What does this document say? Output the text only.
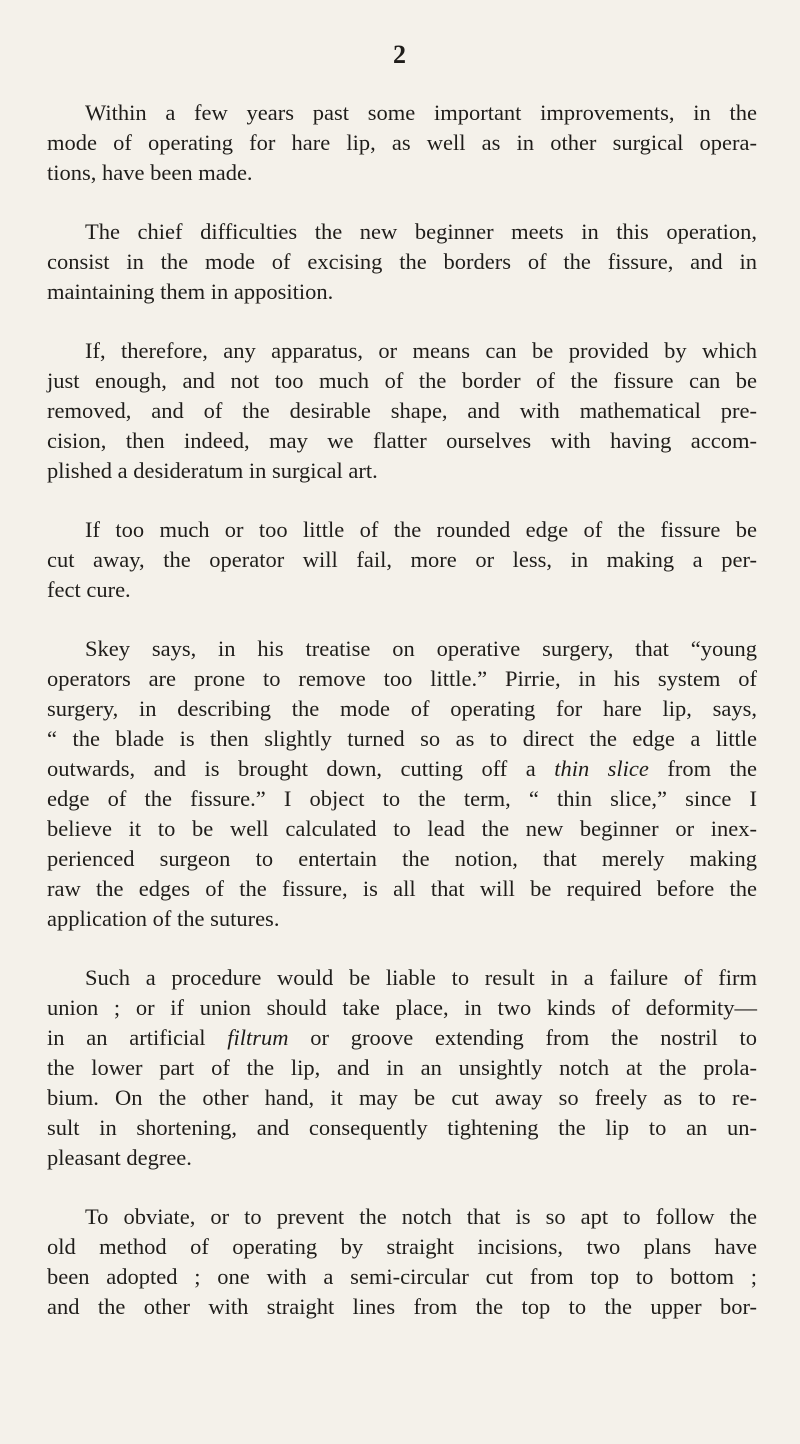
2

Within a few years past some important improvements, in the
mode of operating for hare lip, as well as in other surgical opera-
tions, have been made.

The chief difficulties the new beginner meets in this operation,
consist in the mode of excising the borders of the fissure, and in
maintaining them in apposition.

If, therefore, any apparatus, or means can be provided by which
just enough, and not too much of the border of the fissure can be
removed, and of the desirable shape, and with mathematical pre-
cision, then indeed, may we flatter ourselves with having accom-
plished a desideratum in surgical art.

If too much or too little of the rounded edge of the fissure be
cut away, the operator will fail, more or less, in making a per-
fect cure.

Skey says, in his treatise on operative surgery, that “young
operators are prone to remove too little.” Pirrie, in his system of
surgery, in describing the mode of operating for hare lip, says,
“ the blade is then slightly turned so as to direct the edge a little
outwards, and is brought down, cutting off a thin slice from the
edge of the fissure.” I object to the term, “ thin slice,” since I
believe it to be well calculated to lead the new beginner or inex-
perienced surgeon to entertain the notion, that merely making
raw the edges of the fissure, is all that will be required before the
application of the sutures.

Such a procedure would be liable to result in a failure of firm
union ; or if union should take place, in two kinds of deformity—
in an artificial filtrum or groove extending from the nostril to
the lower part of the lip, and in an unsightly notch at the prola-
bium. On the other hand, it may be cut away so freely as to re-
sult in shortening, and consequently tightening the lip to an un-
pleasant degree.

To obviate, or to prevent the notch that is so apt to follow the
old method of operating by straight incisions, two plans have
been adopted ; one with a semi-circular cut from top to bottom ;
and the other with straight lines from the top to the upper bor-
